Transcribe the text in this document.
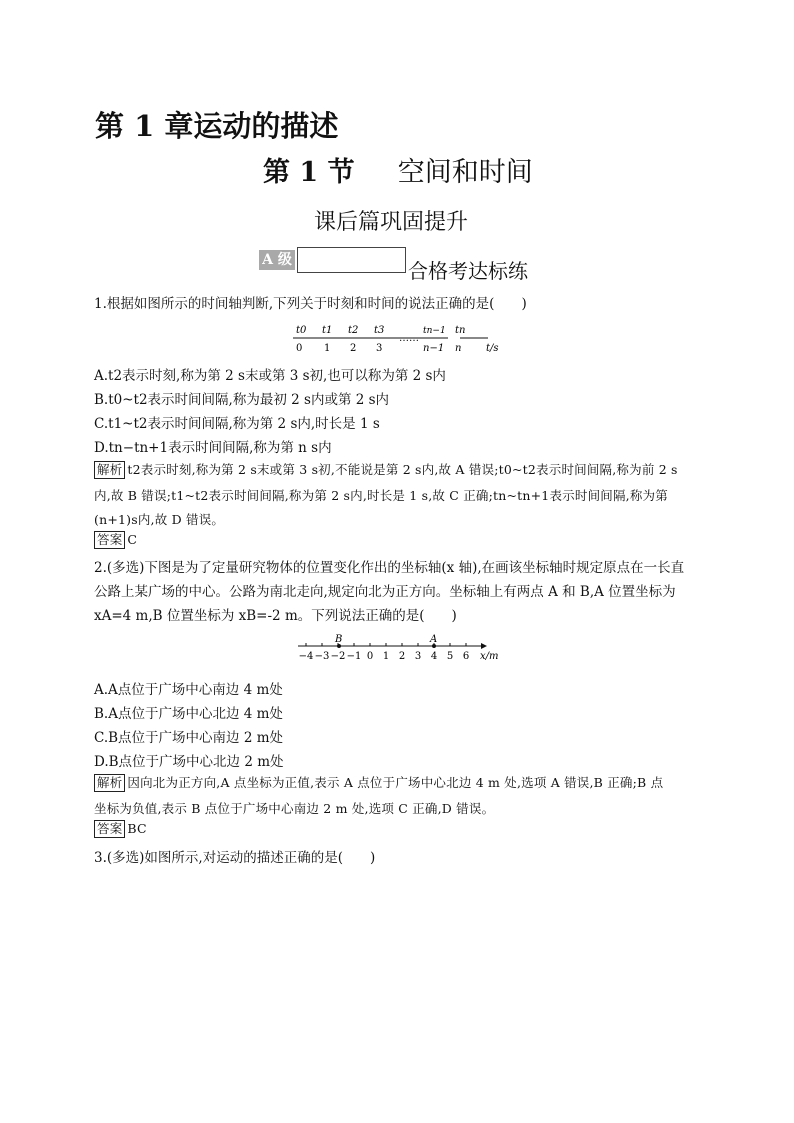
第 1 章运动的描述
第 1 节 空间和时间
课后篇巩固提升
A 级	合格考达标练
1.根据如图所示的时间轴判断,下列关于时刻和时间的说法正确的是(　　)
……
t0 t1 t2 t3	tn−1 tn
0 1 2 3	n−1 n t/s
A.t2表示时刻,称为第 2 s末或第 3 s初,也可以称为第 2 s内
B.t0~t2表示时间间隔,称为最初 2 s内或第 2 s内
C.t1~t2表示时间间隔,称为第 2 s内,时长是 1 s
D.tn−tn+1表示时间间隔,称为第 n s内
解析 t2表示时刻,称为第 2 s末或第 3 s初,不能说是第 2 s内,故 A 错误;t0~t2表示时间间隔,称为前 2 s
内,故 B 错误;t1~t2表示时间间隔,称为第 2 s内,时长是 1 s,故 C 正确;tn~tn+1表示时间间隔,称为第
(n+1)s内,故 D 错误。
答案 C
2.(多选)下图是为了定量研究物体的位置变化作出的坐标轴(x 轴),在画该坐标轴时规定原点在一长直
公路上某广场的中心。公路为南北走向,规定向北为正方向。坐标轴上有两点 A 和 B,A 位置坐标为
xA=4 m,B 位置坐标为 xB=-2 m。下列说法正确的是(　　)
−4 −3 −2 −1 0 1 2 3 4 5 6
B	A
x/m
A.A点位于广场中心南边 4 m处
B.A点位于广场中心北边 4 m处
C.B点位于广场中心南边 2 m处
D.B点位于广场中心北边 2 m处
解析 因向北为正方向,A 点坐标为正值,表示 A 点位于广场中心北边 4 m 处,选项 A 错误,B 正确;B 点
坐标为负值,表示 B 点位于广场中心南边 2 m 处,选项 C 正确,D 错误。
答案 BC
3.(多选)如图所示,对运动的描述正确的是(　　)
